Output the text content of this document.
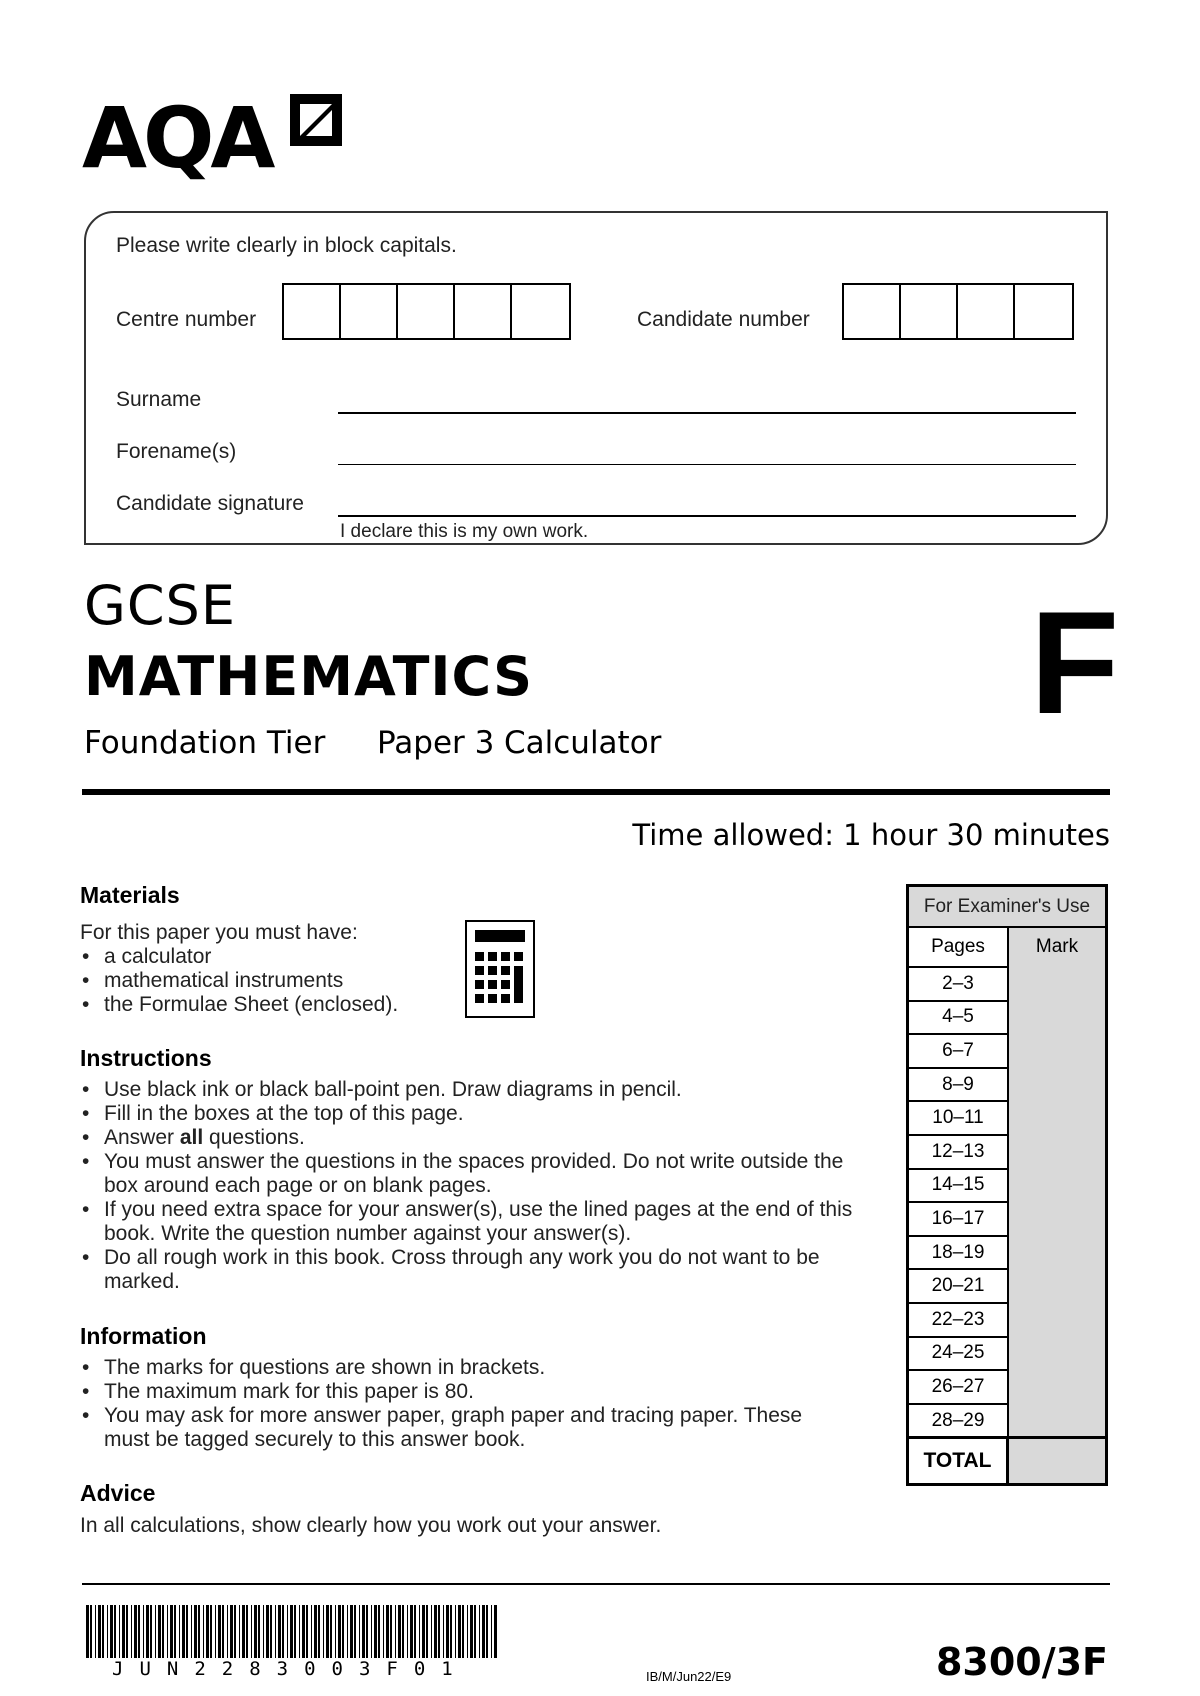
AQA
Please write clearly in block capitals.
Centre number	Candidate number
Surname
Forename(s)
Candidate signature
I declare this is my own work.
GCSE
MATHEMATICS
Foundation Tier Paper 3 Calculator	F
Time allowed: 1 hour 30 minutes
Materials
For this paper you must have:
• a calculator
• mathematical instruments
• the Formulae Sheet (enclosed).
Instructions
• Use black ink or black ball-point pen. Draw diagrams in pencil.
• Fill in the boxes at the top of this page.
• Answer all questions.
• You must answer the questions in the spaces provided. Do not write outside the box around each page or on blank pages.
• If you need extra space for your answer(s), use the lined pages at the end of this book. Write the question number against your answer(s).
• Do all rough work in this book. Cross through any work you do not want to be marked.
Information
• The marks for questions are shown in brackets.
• The maximum mark for this paper is 80.
• You may ask for more answer paper, graph paper and tracing paper. These must be tagged securely to this answer book.
Advice
In all calculations, show clearly how you work out your answer.
For Examiner's Use
Pages	Mark
2–3
4–5
6–7
8–9
10–11
12–13
14–15
16–17
18–19
20–21
22–23
24–25
26–27
28–29
TOTAL
JUN2283003F01	IB/M/Jun22/E9	8300/3F
